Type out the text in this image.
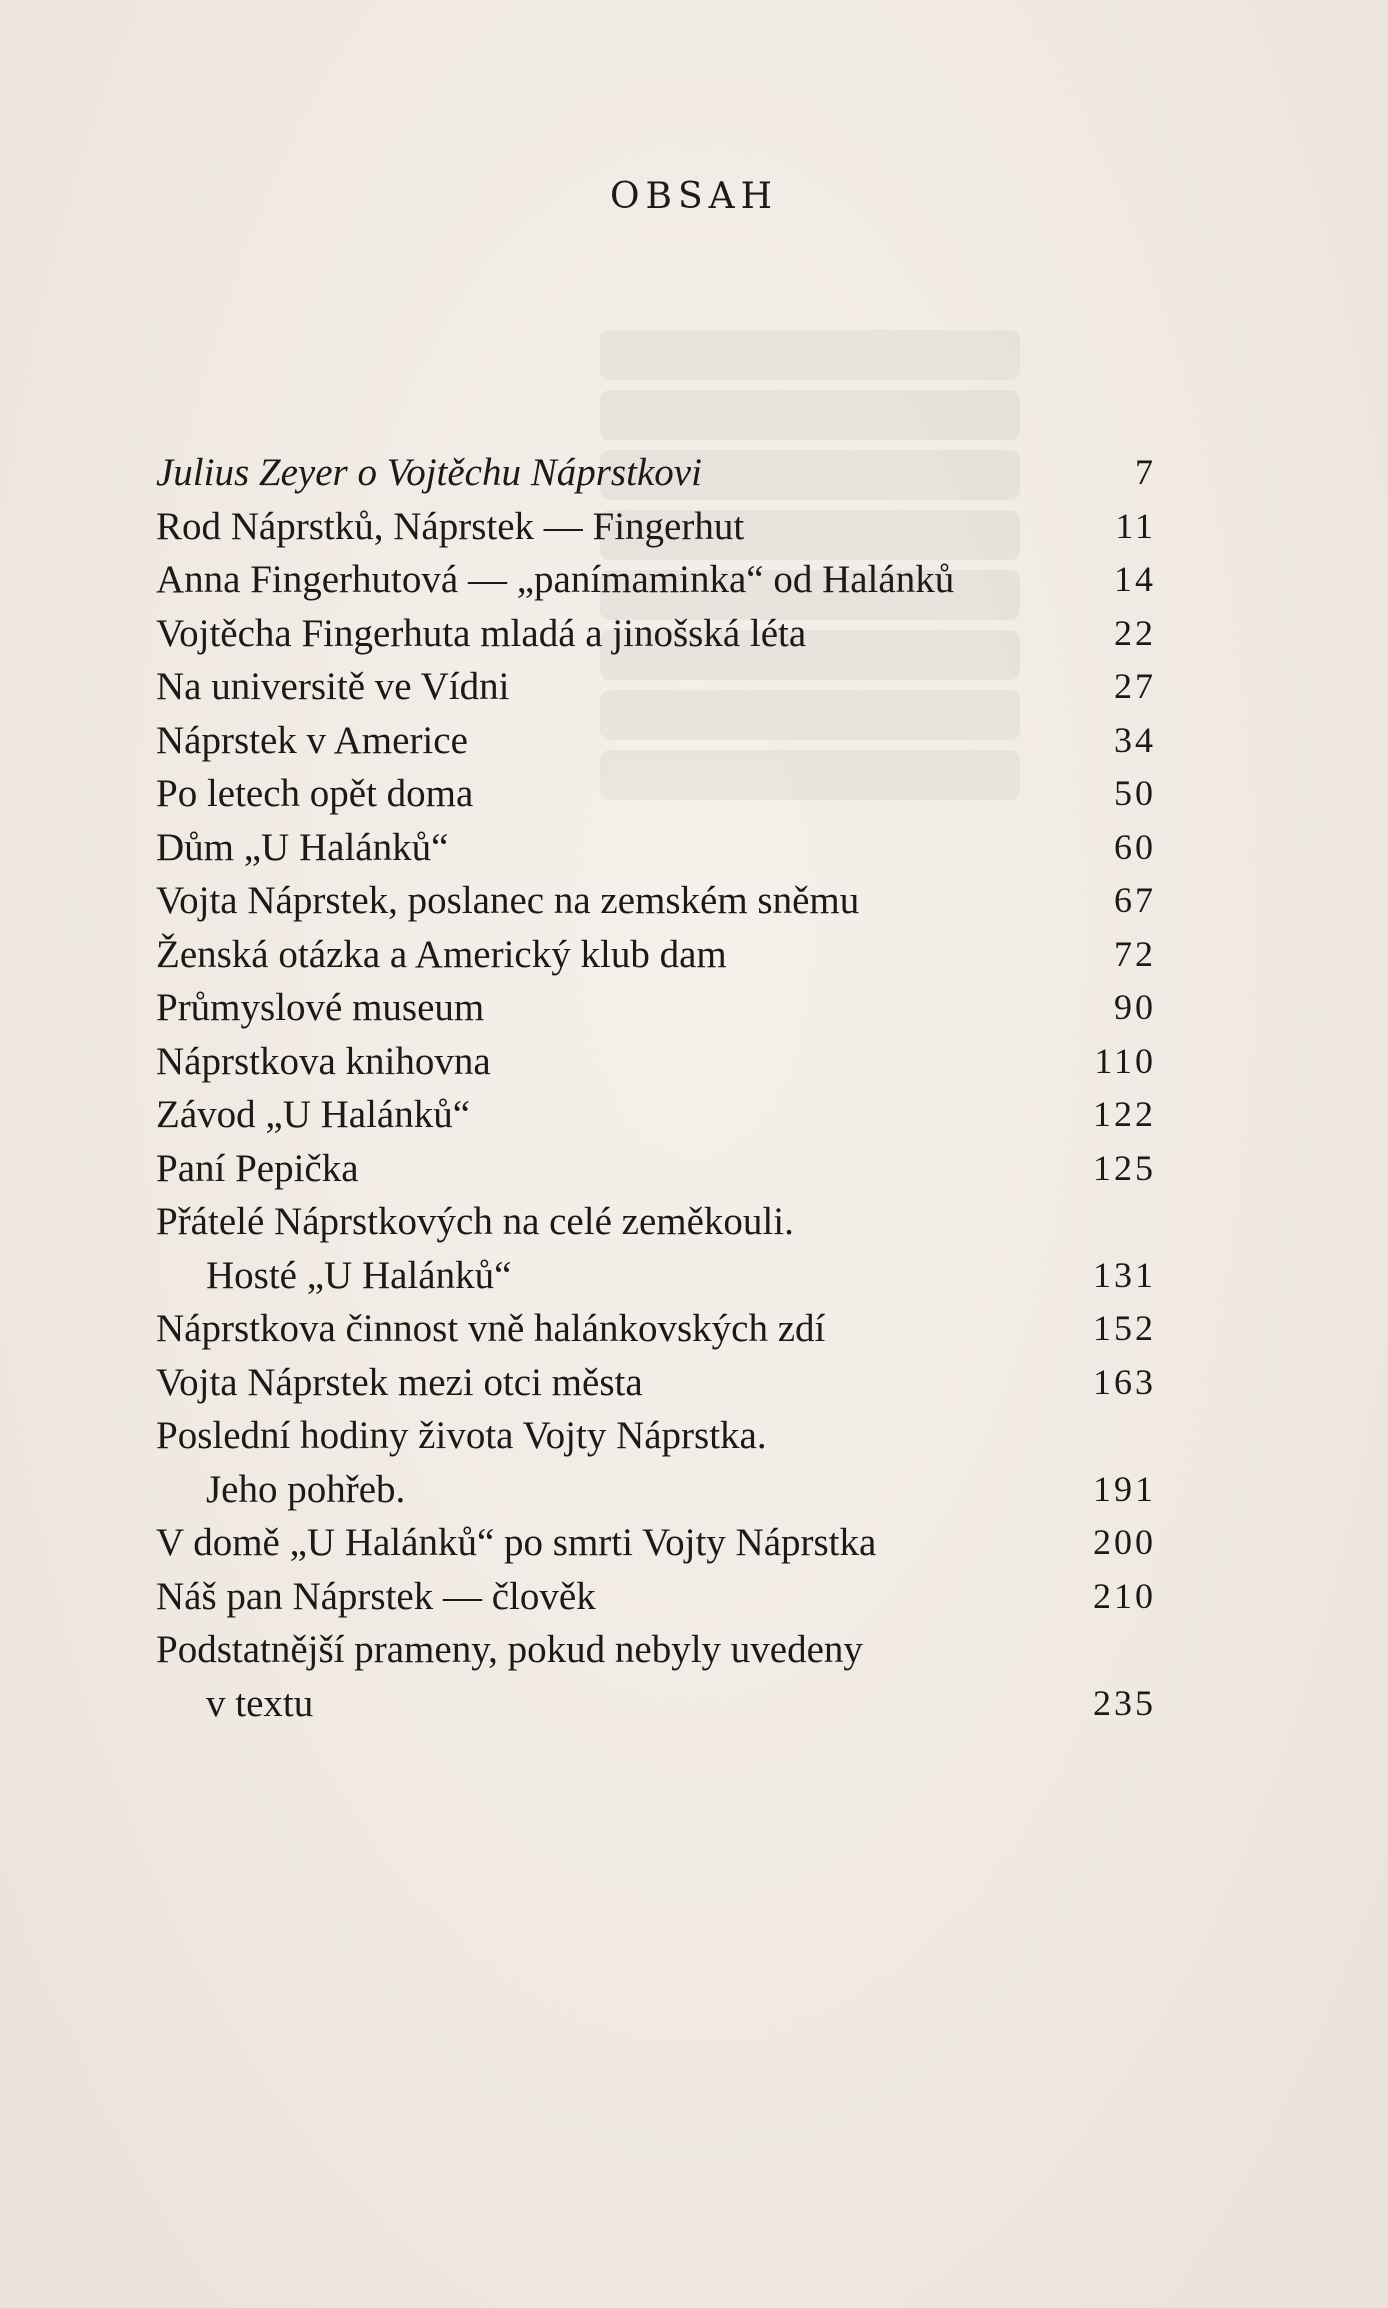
OBSAH
Julius Zeyer o Vojtěchu Náprstkovi	7
Rod Náprstků, Náprstek — Fingerhut	11
Anna Fingerhutová — „panímaminka“ od Halánků	14
Vojtěcha Fingerhuta mladá a jinošská léta	22
Na universitě ve Vídni	27
Náprstek v Americe	34
Po letech opět doma	50
Dům „U Halánků“	60
Vojta Náprstek, poslanec na zemském sněmu	67
Ženská otázka a Americký klub dam	72
Průmyslové museum	90
Náprstkova knihovna	110
Závod „U Halánků“	122
Paní Pepička	125
Přátelé Náprstkových na celé zeměkouli.
Hosté „U Halánků“	131
Náprstkova činnost vně halánkovských zdí	152
Vojta Náprstek mezi otci města	163
Poslední hodiny života Vojty Náprstka.
Jeho pohřeb.	191
V domě „U Halánků“ po smrti Vojty Náprstka	200
Náš pan Náprstek — člověk	210
Podstatnější prameny, pokud nebyly uvedeny
v textu	235
